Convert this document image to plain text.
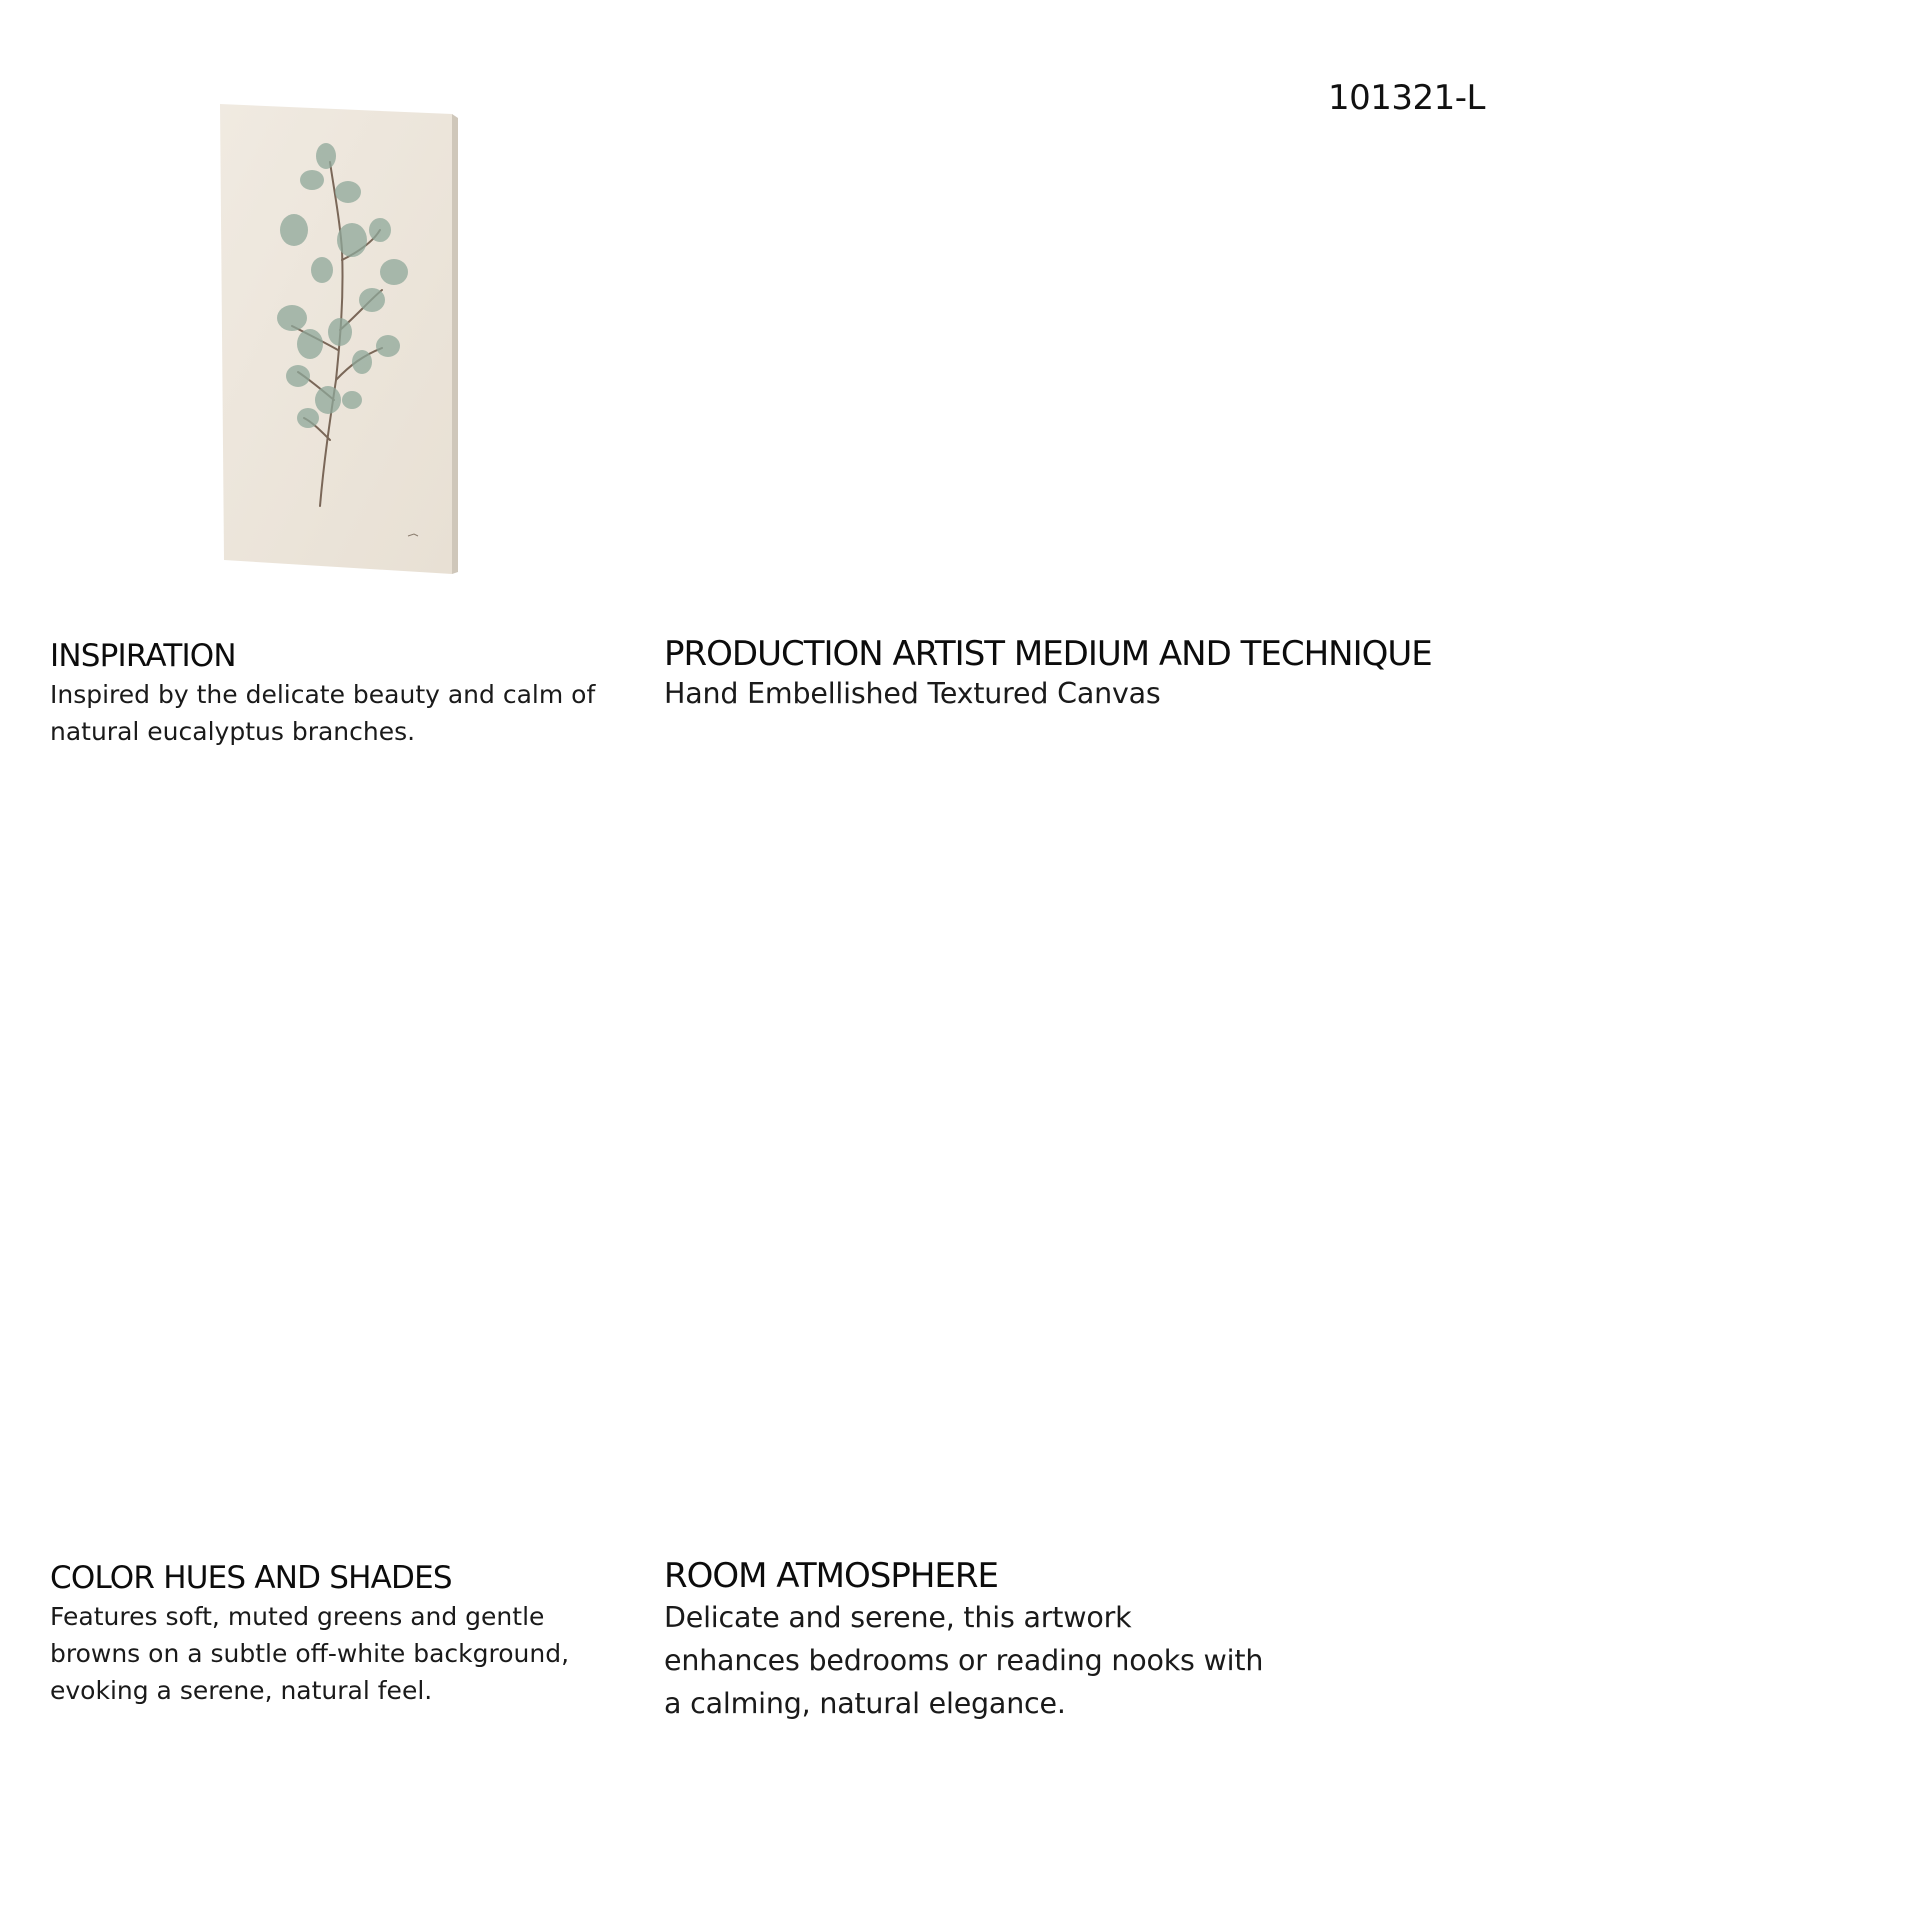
101321-L
INSPIRATION

Inspired by the delicate beauty and calm of natural eucalyptus branches.

PRODUCTION ARTIST MEDIUM AND TECHNIQUE

Hand Embellished Textured Canvas

COLOR HUES AND SHADES

Features soft, muted greens and gentle browns on a subtle off-white background, evoking a serene, natural feel.

ROOM ATMOSPHERE

Delicate and serene, this artwork enhances bedrooms or reading nooks with a calming, natural elegance.
